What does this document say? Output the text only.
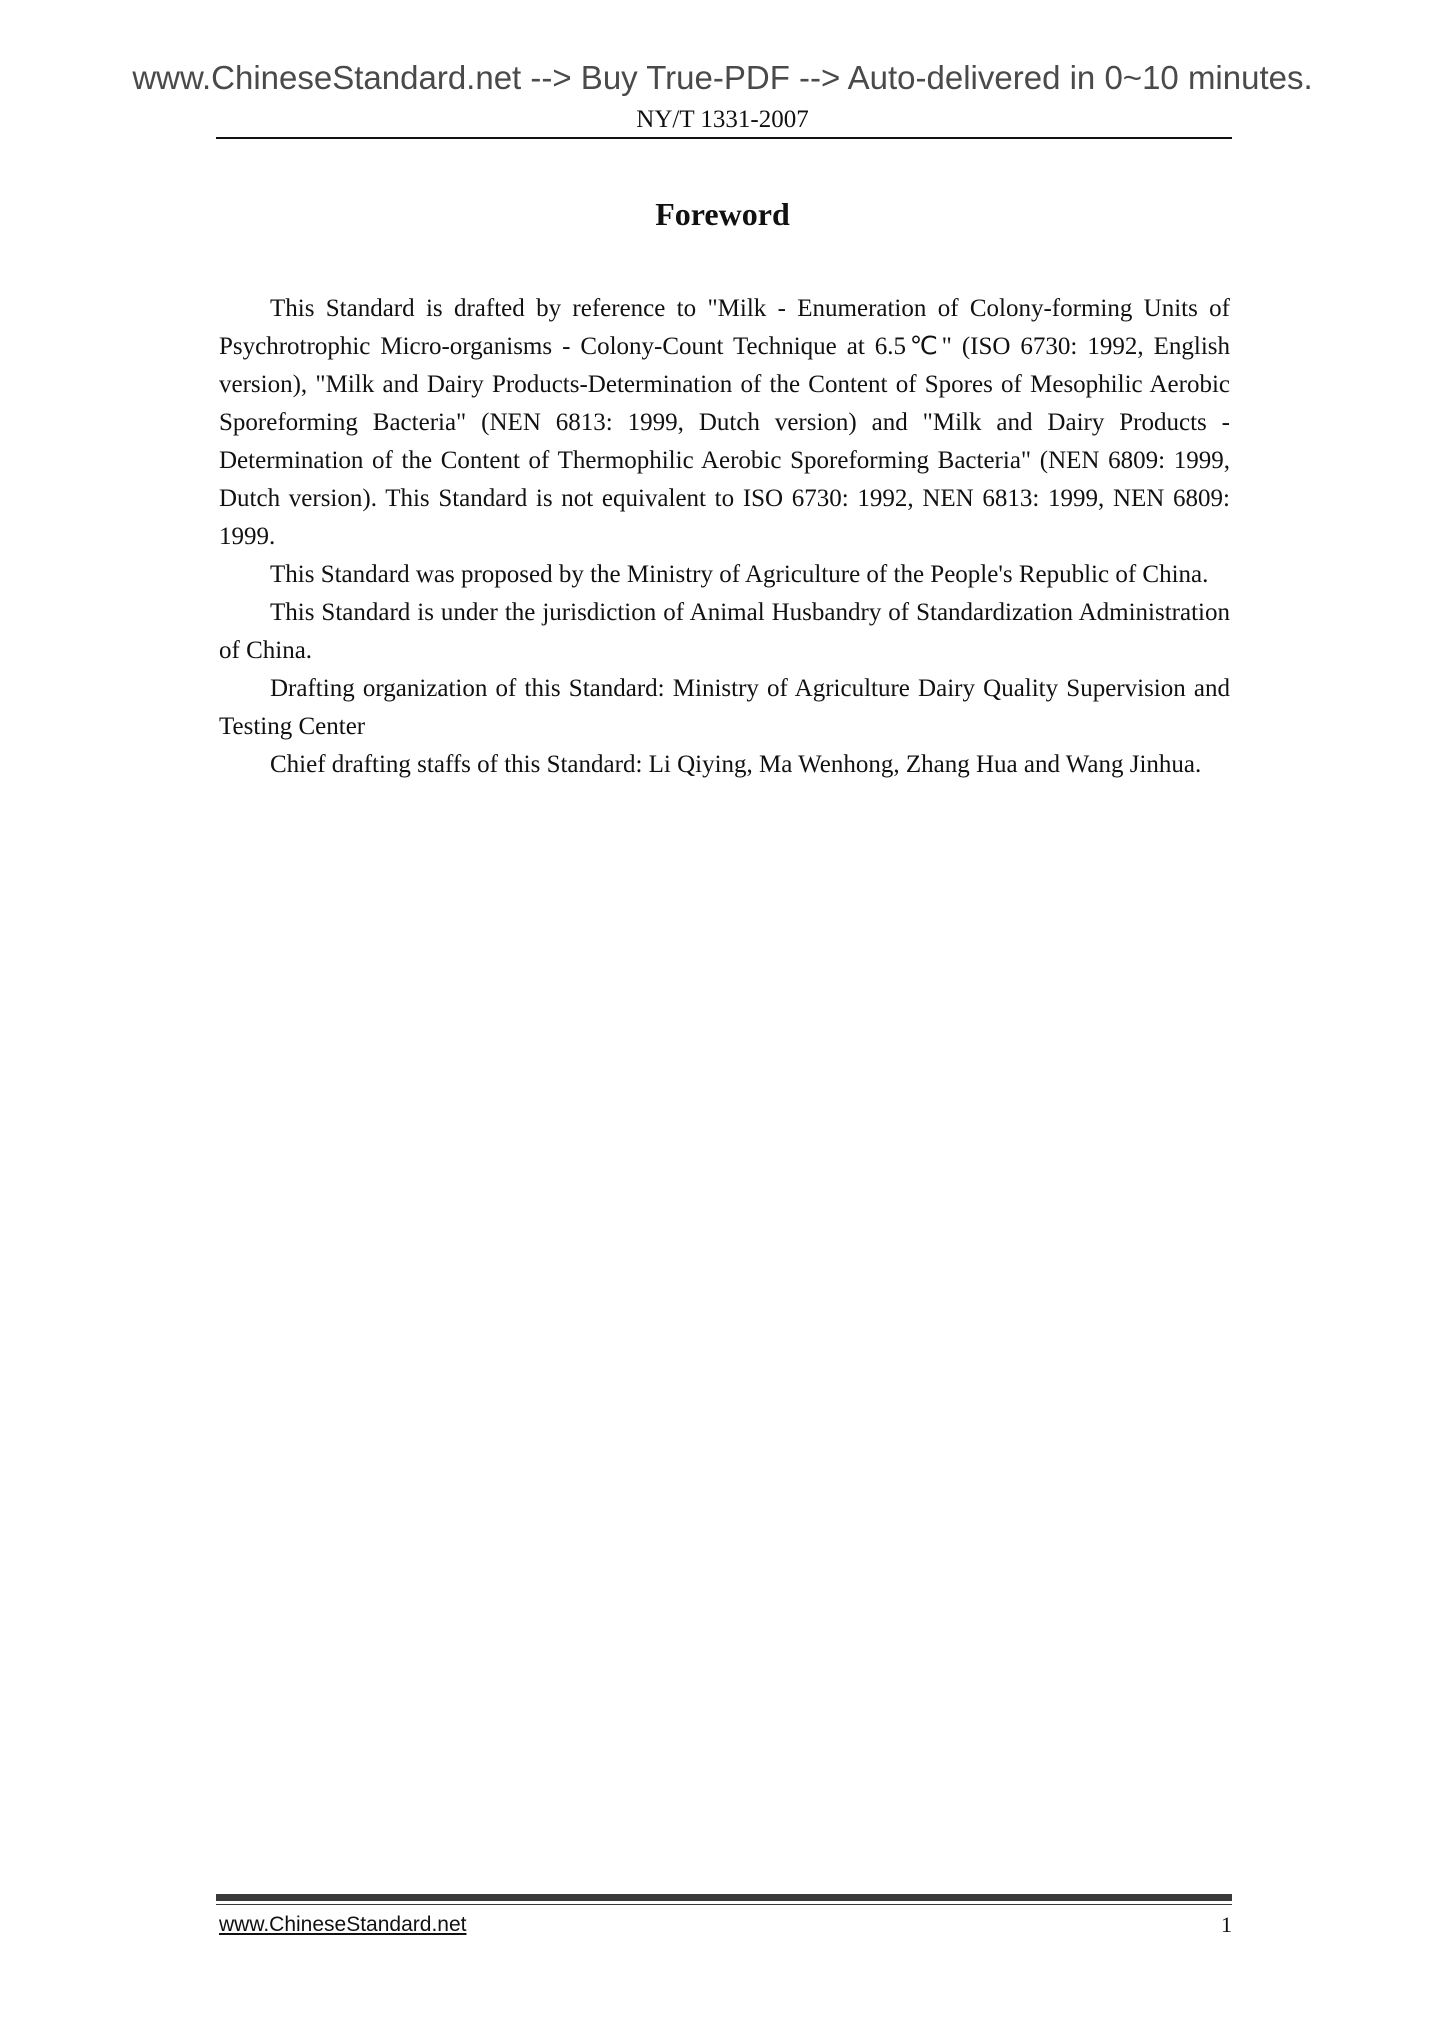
www.ChineseStandard.net --> Buy True-PDF --> Auto-delivered in 0~10 minutes.
NY/T 1331-2007
Foreword

This Standard is drafted by reference to "Milk - Enumeration of Colony-forming Units of Psychrotrophic Micro-organisms - Colony-Count Technique at 6.5℃" (ISO 6730: 1992, English version), "Milk and Dairy Products-Determination of the Content of Spores of Mesophilic Aerobic Sporeforming Bacteria" (NEN 6813: 1999, Dutch version) and "Milk and Dairy Products - Determination of the Content of Thermophilic Aerobic Sporeforming Bacteria" (NEN 6809: 1999, Dutch version). This Standard is not equivalent to ISO 6730: 1992, NEN 6813: 1999, NEN 6809: 1999.

This Standard was proposed by the Ministry of Agriculture of the People's Republic of China.

This Standard is under the jurisdiction of Animal Husbandry of Standardization Administration of China.

Drafting organization of this Standard: Ministry of Agriculture Dairy Quality Supervision and Testing Center

Chief drafting staffs of this Standard: Li Qiying, Ma Wenhong, Zhang Hua and Wang Jinhua.

www.ChineseStandard.net	1
